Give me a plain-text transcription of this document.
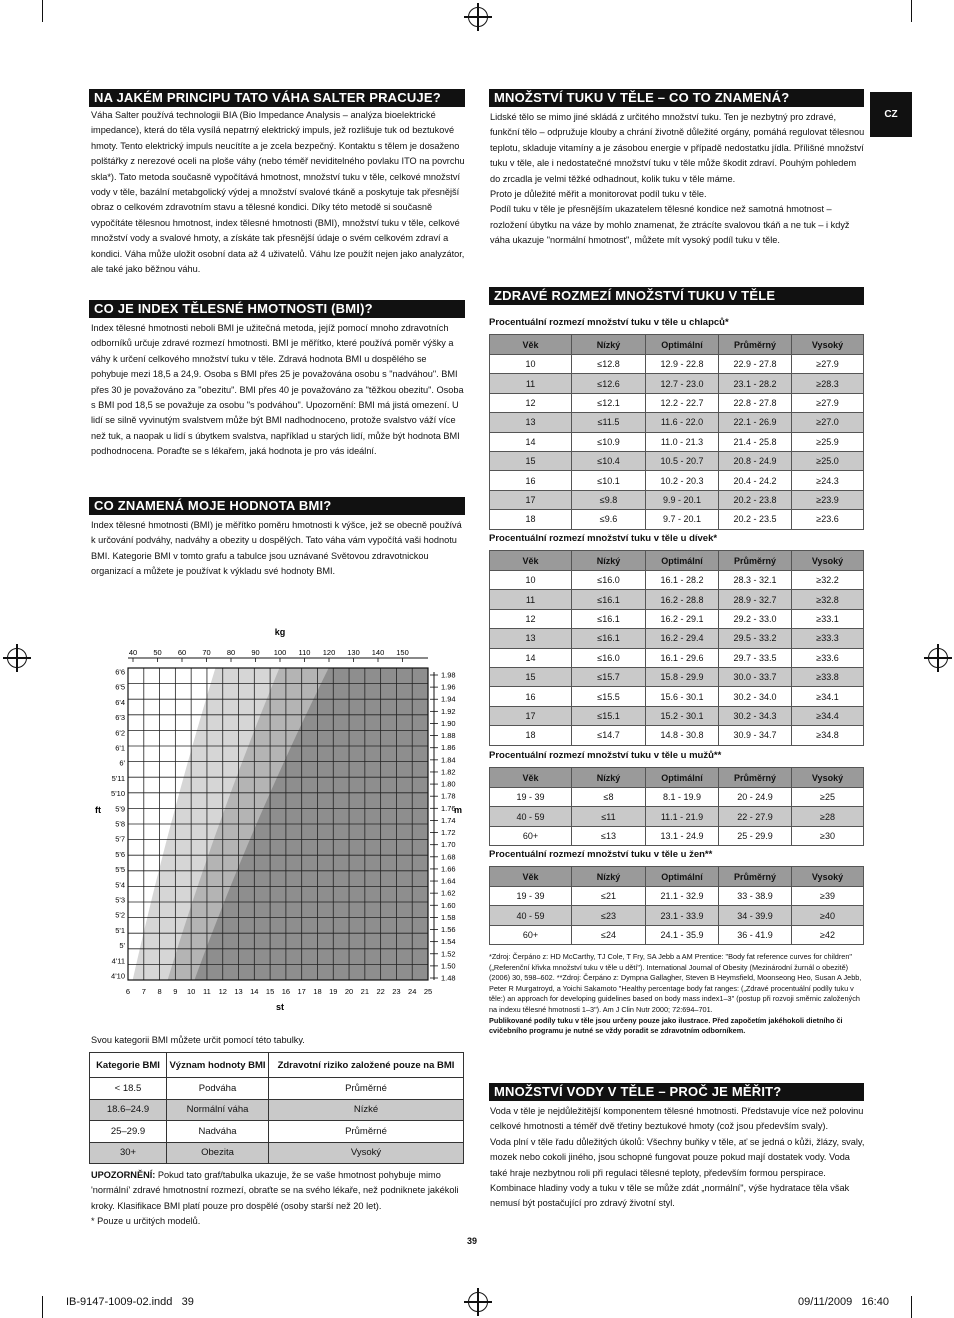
CZ
NA JAKÉM PRINCIPU TATO VÁHA SALTER PRACUJE?
Váha Salter používá technologii BIA (Bio Impedance Analysis – analýza bioelektrické impedance), která do těla vysílá nepatrný elektrický impuls, jež rozlišuje tuk od beztukové hmoty. Tento elektrický impuls neucítíte a je zcela bezpečný. Kontaktu s tělem je dosaženo polštářky z nerezové oceli na ploše váhy (nebo téměř neviditelného povlaku ITO na povrchu skla*). Tato metoda současně vypočítává hmotnost, množství tuku v těle, celkové množství vody v těle, bazální metabgolický výdej a množství svalové tkáně a poskytuje tak přesnější obraz o celkovém zdravotním stavu a tělesné kondici. Díky této metodě si současně vypočítáte tělesnou hmotnost, index tělesné hmotnosti (BMI), množství tuku v těle, celkové množství vody a svalové hmoty, a získáte tak přesnější údaje o svém celkovém zdraví a kondici. Váha může uložit osobní data až 4 uživatelů. Váhu lze použít nejen jako analyzátor, ale také jako běžnou váhu.
CO JE INDEX TĚLESNÉ HMOTNOSTI (BMI)?
Index tělesné hmotnosti neboli BMI je užitečná metoda, jejíž pomocí mnoho zdravotních odborníků určuje zdravé rozmezí hmotnosti. BMI je měřítko, které používá poměr výšky a váhy k určení celkového množství tuku v těle. Zdravá hodnota BMI u dospělého se pohybuje mezi 18,5 a 24,9. Osoba s BMI přes 25 je považována osobu s "nadváhou". BMI přes 30 je považováno za "obezitu". BMI přes 40 je považováno za "těžkou obezitu". Osoba s BMI pod 18,5 se považuje za osobu "s podváhou". Upozornění: BMI má jistá omezení. U lidí se silně vyvinutým svalstvem může být BMI nadhodnoceno, protože svalstvo váží více než tuk, a naopak u lidí s úbytkem svalstva, například u starých lidí, může být hodnota BMI podhodnocena. Poraďte se s lékařem, jaká hodnota je pro vás ideální.
CO ZNAMENÁ MOJE HODNOTA BMI?
Index tělesné hmotnosti (BMI) je měřítko poměru hmotnosti k výšce, jež se obecně používá k určování podváhy, nadváhy a obezity u dospělých. Tato váha vám vypočítá vaši hodnotu BMI. Kategorie BMI v tomto grafu a tabulce jsou uznávané Světovou zdravotnickou organizací a můžete je používat k výkladu své hodnoty BMI.
40 50 60 70 80 90 100 110 120 130 140 150
kg
6 7 8 9 10 11 12 13 14 15 16 17 18 19 20 21 22 23 24 25
st
6'6
6'5
6'4
6'3
6'2
6'1
6'
5'11
5'10
5'9
5'8
5'7
5'6
5'5
5'4
5'3
5'2
5'1
5'
4'11
4'10
ft
1.98
1.96
1.94
1.92
1.90
1.88
1.86
1.84
1.82
1.80
1.78
1.76
1.74
1.72
1.70
1.68
1.66
1.64
1.62
1.60
1.58
1.56
1.54
1.52
1.50
1.48
m
Svou kategorii BMI můžete určit pomocí této tabulky.
Kategorie BMI	Význam hodnoty BMI	Zdravotní riziko založené pouze na BMI
< 18.5	Podváha	Průměrné
18.6–24.9	Normální váha	Nízké
25–29.9	Nadváha	Průměrné
30+	Obezita	Vysoký

UPOZORNĚNÍ: Pokud tato graf/tabulka ukazuje, že se vaše hmotnost pohybuje mimo 'normální' zdravé hmotnostní rozmezí, obraťte se na svého lékaře, než podniknete jakékoli kroky. Klasifikace BMI platí pouze pro dospělé (osoby starší než 20 let).

* Pouze u určitých modelů.

MNOŽSTVÍ TUKU V TĚLE – CO TO ZNAMENÁ?

Lidské tělo se mimo jiné skládá z určitého množství tuku. Ten je nezbytný pro zdravé, funkční tělo – odpružuje klouby a chrání životně důležité orgány, pomáhá regulovat tělesnou teplotu, skladuje vitamíny a je zásobou energie v případě nedostatku jídla. Přílišné množství tuku v těle, ale i nedostatečné množství tuku v těle může škodit zdraví. Pouhým pohledem do zrcadla je velmi těžké odhadnout, kolik tuku v těle máme.

Proto je důležité měřit a monitorovat podíl tuku v těle.

Podíl tuku v těle je přesnějším ukazatelem tělesné kondice než samotná hmotnost – rozložení úbytku na váze by mohlo znamenat, že ztrácíte svalovou tkáň a ne tuk – i když váha ukazuje "normální hmotnost", můžete mít vysoký podíl tuku v těle.

ZDRAVÉ ROZMEZÍ MNOŽSTVÍ TUKU V TĚLE
Procentuální rozmezí množství tuku v těle u chlapců*
Věk	Nízký	Optimální	Průměrný	Vysoký
10	≤12.8	12.9 - 22.8	22.9 - 27.8	≥27.9
11	≤12.6	12.7 - 23.0	23.1 - 28.2	≥28.3
12	≤12.1	12.2 - 22.7	22.8 - 27.8	≥27.9
13	≤11.5	11.6 - 22.0	22.1 - 26.9	≥27.0
14	≤10.9	11.0 - 21.3	21.4 - 25.8	≥25.9
15	≤10.4	10.5 - 20.7	20.8 - 24.9	≥25.0
16	≤10.1	10.2 - 20.3	20.4 - 24.2	≥24.3
17	≤9.8	9.9 - 20.1	20.2 - 23.8	≥23.9
18	≤9.6	9.7 - 20.1	20.2 - 23.5	≥23.6
Procentuální rozmezí množství tuku v těle u dívek*
Věk	Nízký	Optimální	Průměrný	Vysoký
10	≤16.0	16.1 - 28.2	28.3 - 32.1	≥32.2
11	≤16.1	16.2 - 28.8	28.9 - 32.7	≥32.8
12	≤16.1	16.2 - 29.1	29.2 - 33.0	≥33.1
13	≤16.1	16.2 - 29.4	29.5 - 33.2	≥33.3
14	≤16.0	16.1 - 29.6	29.7 - 33.5	≥33.6
15	≤15.7	15.8 - 29.9	30.0 - 33.7	≥33.8
16	≤15.5	15.6 - 30.1	30.2 - 34.0	≥34.1
17	≤15.1	15.2 - 30.1	30.2 - 34.3	≥34.4
18	≤14.7	14.8 - 30.8	30.9 - 34.7	≥34.8
Procentuální rozmezí množství tuku v těle u mužů**
Věk	Nízký	Optimální	Průměrný	Vysoký
19 - 39	≤8	8.1 - 19.9	20 - 24.9	≥25
40 - 59	≤11	11.1 - 21.9	22 - 27.9	≥28
60+	≤13	13.1 - 24.9	25 - 29.9	≥30
Procentuální rozmezí množství tuku v těle u žen**
Věk	Nízký	Optimální	Průměrný	Vysoký
19 - 39	≤21	21.1 - 32.9	33 - 38.9	≥39
40 - 59	≤23	23.1 - 33.9	34 - 39.9	≥40
60+	≤24	24.1 - 35.9	36 - 41.9	≥42

*Zdroj: Čerpáno z: HD McCarthy, TJ Cole, T Fry, SA Jebb a AM Prentice: "Body fat reference curves for children" („Referenční křivka množství tuku v těle u dětí"). International Journal of Obesity (Mezinárodní žurnál o obezitě) (2006) 30, 598–602. **Zdroj: Čerpáno z: Dympna Gallagher, Steven B Heymsfield, Moonseong Heo, Susan A Jebb, Peter R Murgatroyd, a Yoichi Sakamoto "Healthy percentage body fat ranges: („Zdravé procentuální podíly tuku v těle:) an approach for developing guidelines based on body mass index1–3" (postup při rozvoji směrnic založených na indexu tělesné hmotnosti 1–3"). Am J Clin Nutr 2000; 72:694–701.

Publikované podíly tuku v těle jsou určeny pouze jako ilustrace. Před započetím jakéhokoli dietního či cvičebního programu je nutné se vždy poradit se zdravotním odborníkem.

MNOŽSTVÍ VODY V TĚLE – PROČ JE MĚŘIT?

Voda v těle je nejdůležitější komponentem tělesné hmotnosti. Představuje více než polovinu celkové hmotnosti a téměř dvě třetiny beztukové hmoty (což jsou především svaly).

Voda plní v těle řadu důležitých úkolů: Všechny buňky v těle, ať se jedná o kůži, žlázy, svaly, mozek nebo cokoli jiného, jsou schopné fungovat pouze pokud mají dostatek vody. Voda také hraje nezbytnou roli při regulaci tělesné teploty, především formou perspirace. Kombinace hladiny vody a tuku v těle se může zdát „normální", výše hydratace těla však nemusí být postačující pro zdravý životní styl.

39
IB-9147-1009-02.indd   39	09/11/2009   16:40
